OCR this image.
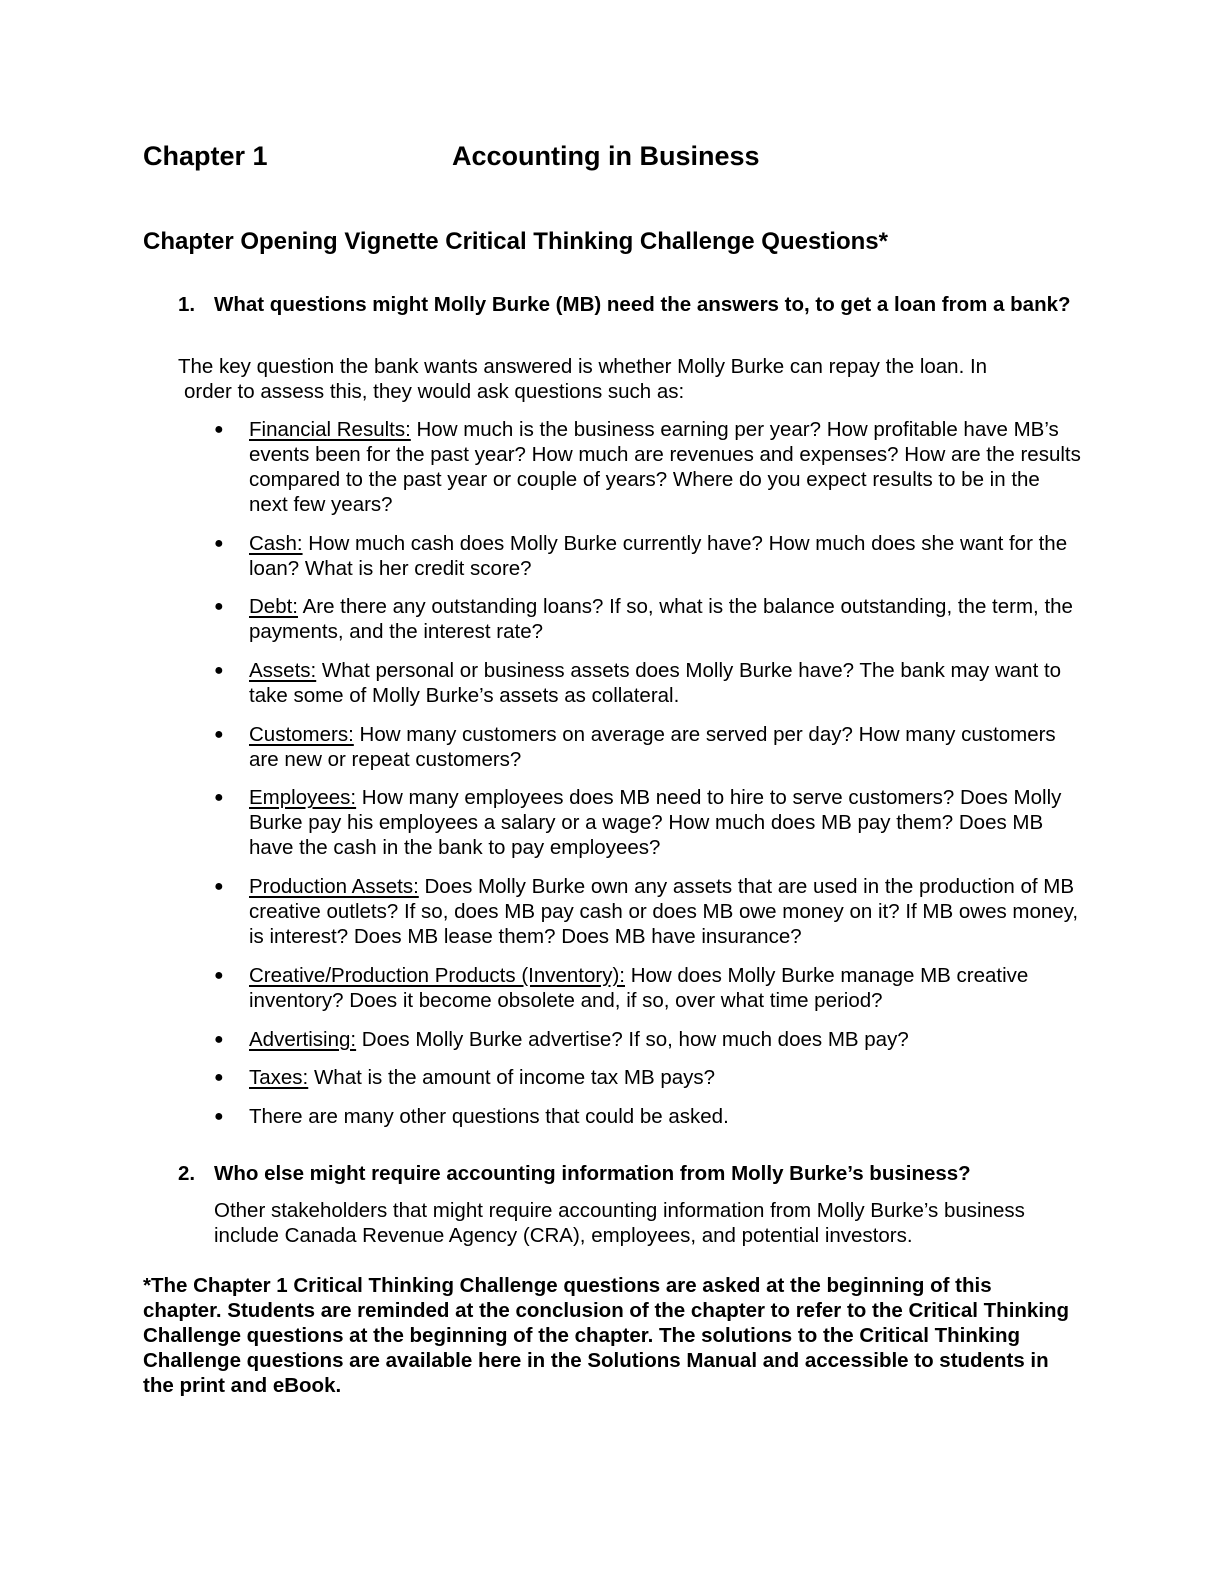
Chapter 1	Accounting in Business
Chapter Opening Vignette Critical Thinking Challenge Questions*
1. What questions might Molly Burke (MB) need the answers to, to get a loan from a bank?
The key question the bank wants answered is whether Molly Burke can repay the loan. In
order to assess this, they would ask questions such as:
● Financial Results: How much is the business earning per year? How profitable have MB’s events been for the past year? How much are revenues and expenses? How are the results compared to the past year or couple of years? Where do you expect results to be in the next few years?
● Cash: How much cash does Molly Burke currently have? How much does she want for the loan? What is her credit score?
● Debt: Are there any outstanding loans? If so, what is the balance outstanding, the term, the payments, and the interest rate?
● Assets: What personal or business assets does Molly Burke have? The bank may want to take some of Molly Burke’s assets as collateral.
● Customers: How many customers on average are served per day? How many customers are new or repeat customers?
● Employees: How many employees does MB need to hire to serve customers? Does Molly Burke pay his employees a salary or a wage? How much does MB pay them? Does MB have the cash in the bank to pay employees?
● Production Assets: Does Molly Burke own any assets that are used in the production of MB creative outlets? If so, does MB pay cash or does MB owe money on it? If MB owes money, is interest? Does MB lease them? Does MB have insurance?
● Creative/Production Products (Inventory): How does Molly Burke manage MB creative inventory? Does it become obsolete and, if so, over what time period?
● Advertising: Does Molly Burke advertise? If so, how much does MB pay?
● Taxes: What is the amount of income tax MB pays?
● There are many other questions that could be asked.
2. Who else might require accounting information from Molly Burke’s business?
Other stakeholders that might require accounting information from Molly Burke’s business include Canada Revenue Agency (CRA), employees, and potential investors.
*The Chapter 1 Critical Thinking Challenge questions are asked at the beginning of this chapter. Students are reminded at the conclusion of the chapter to refer to the Critical Thinking Challenge questions at the beginning of the chapter. The solutions to the Critical Thinking Challenge questions are available here in the Solutions Manual and accessible to students in the print and eBook.
